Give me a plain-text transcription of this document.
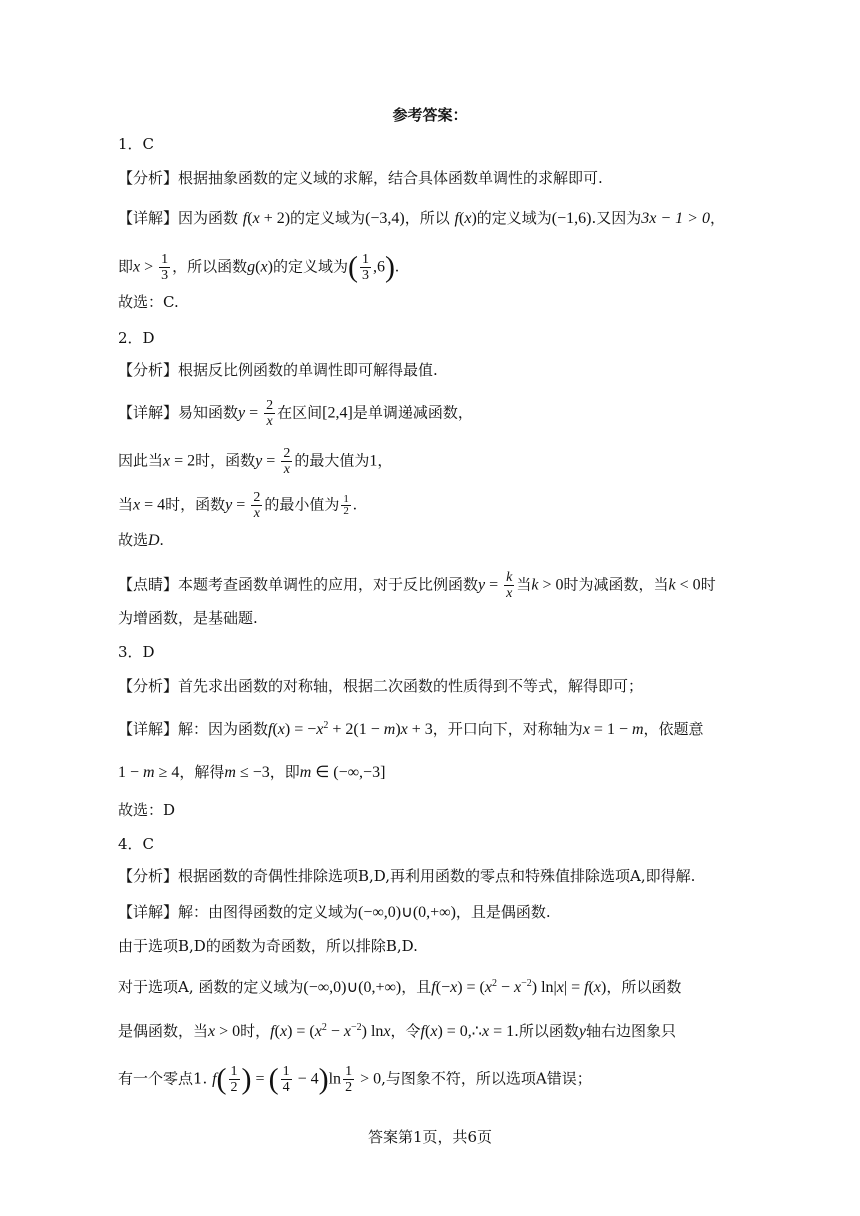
参考答案：
1．C
【分析】根据抽象函数的定义域的求解，结合具体函数单调性的求解即可.
【详解】因为函数 f(x + 2)的定义域为(−3,4)，所以 f(x)的定义域为(−1,6).又因为3x − 1 > 0，
即$x > \frac{1}{3}$ ，所以函数g(x)的定义域为( $\frac{1}{3} ,6$).
故选：C.
2．D
【分析】根据反比例函数的单调性即可解得最值.
【详解】易知函数$y = \frac{2}{x}$ 在区间[2,4]是单调递减函数，
因此当x = 2时，函数$y = \frac{2}{x}$ 的最大值为1，
当x = 4时，函数$y = \frac{2}{x}$ 的最小值为 $\frac{1}{2}$ .
故选D.
【点睛】本题考查函数单调性的应用，对于反比例函数$y = \frac{k}{x}$ 当k > 0时为减函数，当k < 0时
为增函数，是基础题.
3．D
【分析】首先求出函数的对称轴，根据二次函数的性质得到不等式，解得即可；
【详解】解：因为函数$f(x) = -x^2 + 2(1 - m)x + 3$，开口向下，对称轴为x = 1 − m，依题意
1 − m ≥ 4，解得m ≤ −3，即m ∈ (−∞,−3]
故选：D
4．C
【分析】根据函数的奇偶性排除选项B,D,再利用函数的零点和特殊值排除选项A,即得解.
【详解】解：由图得函数的定义域为(−∞,0)∪(0,+∞)，且是偶函数.
由于选项B,D的函数为奇函数，所以排除B,D.
对于选项A, 函数的定义域为(−∞,0)∪(0,+∞)，且$f(-x) = (x^2 - x^{-2}) \ln|x| = f(x)$，所以函数
是偶函数，当x > 0时，$f(x) = (x^2 - x^{-2})$ lnx，令f(x) = 0,∴x = 1.所以函数y轴右边图象只
有一个零点1. $f( \frac{1}{2}$ ) = ( $\frac{1}{4} - 4)\ln \frac{1}{2} > 0$,与图象不符，所以选项A错误；
答案第1页，共6页
